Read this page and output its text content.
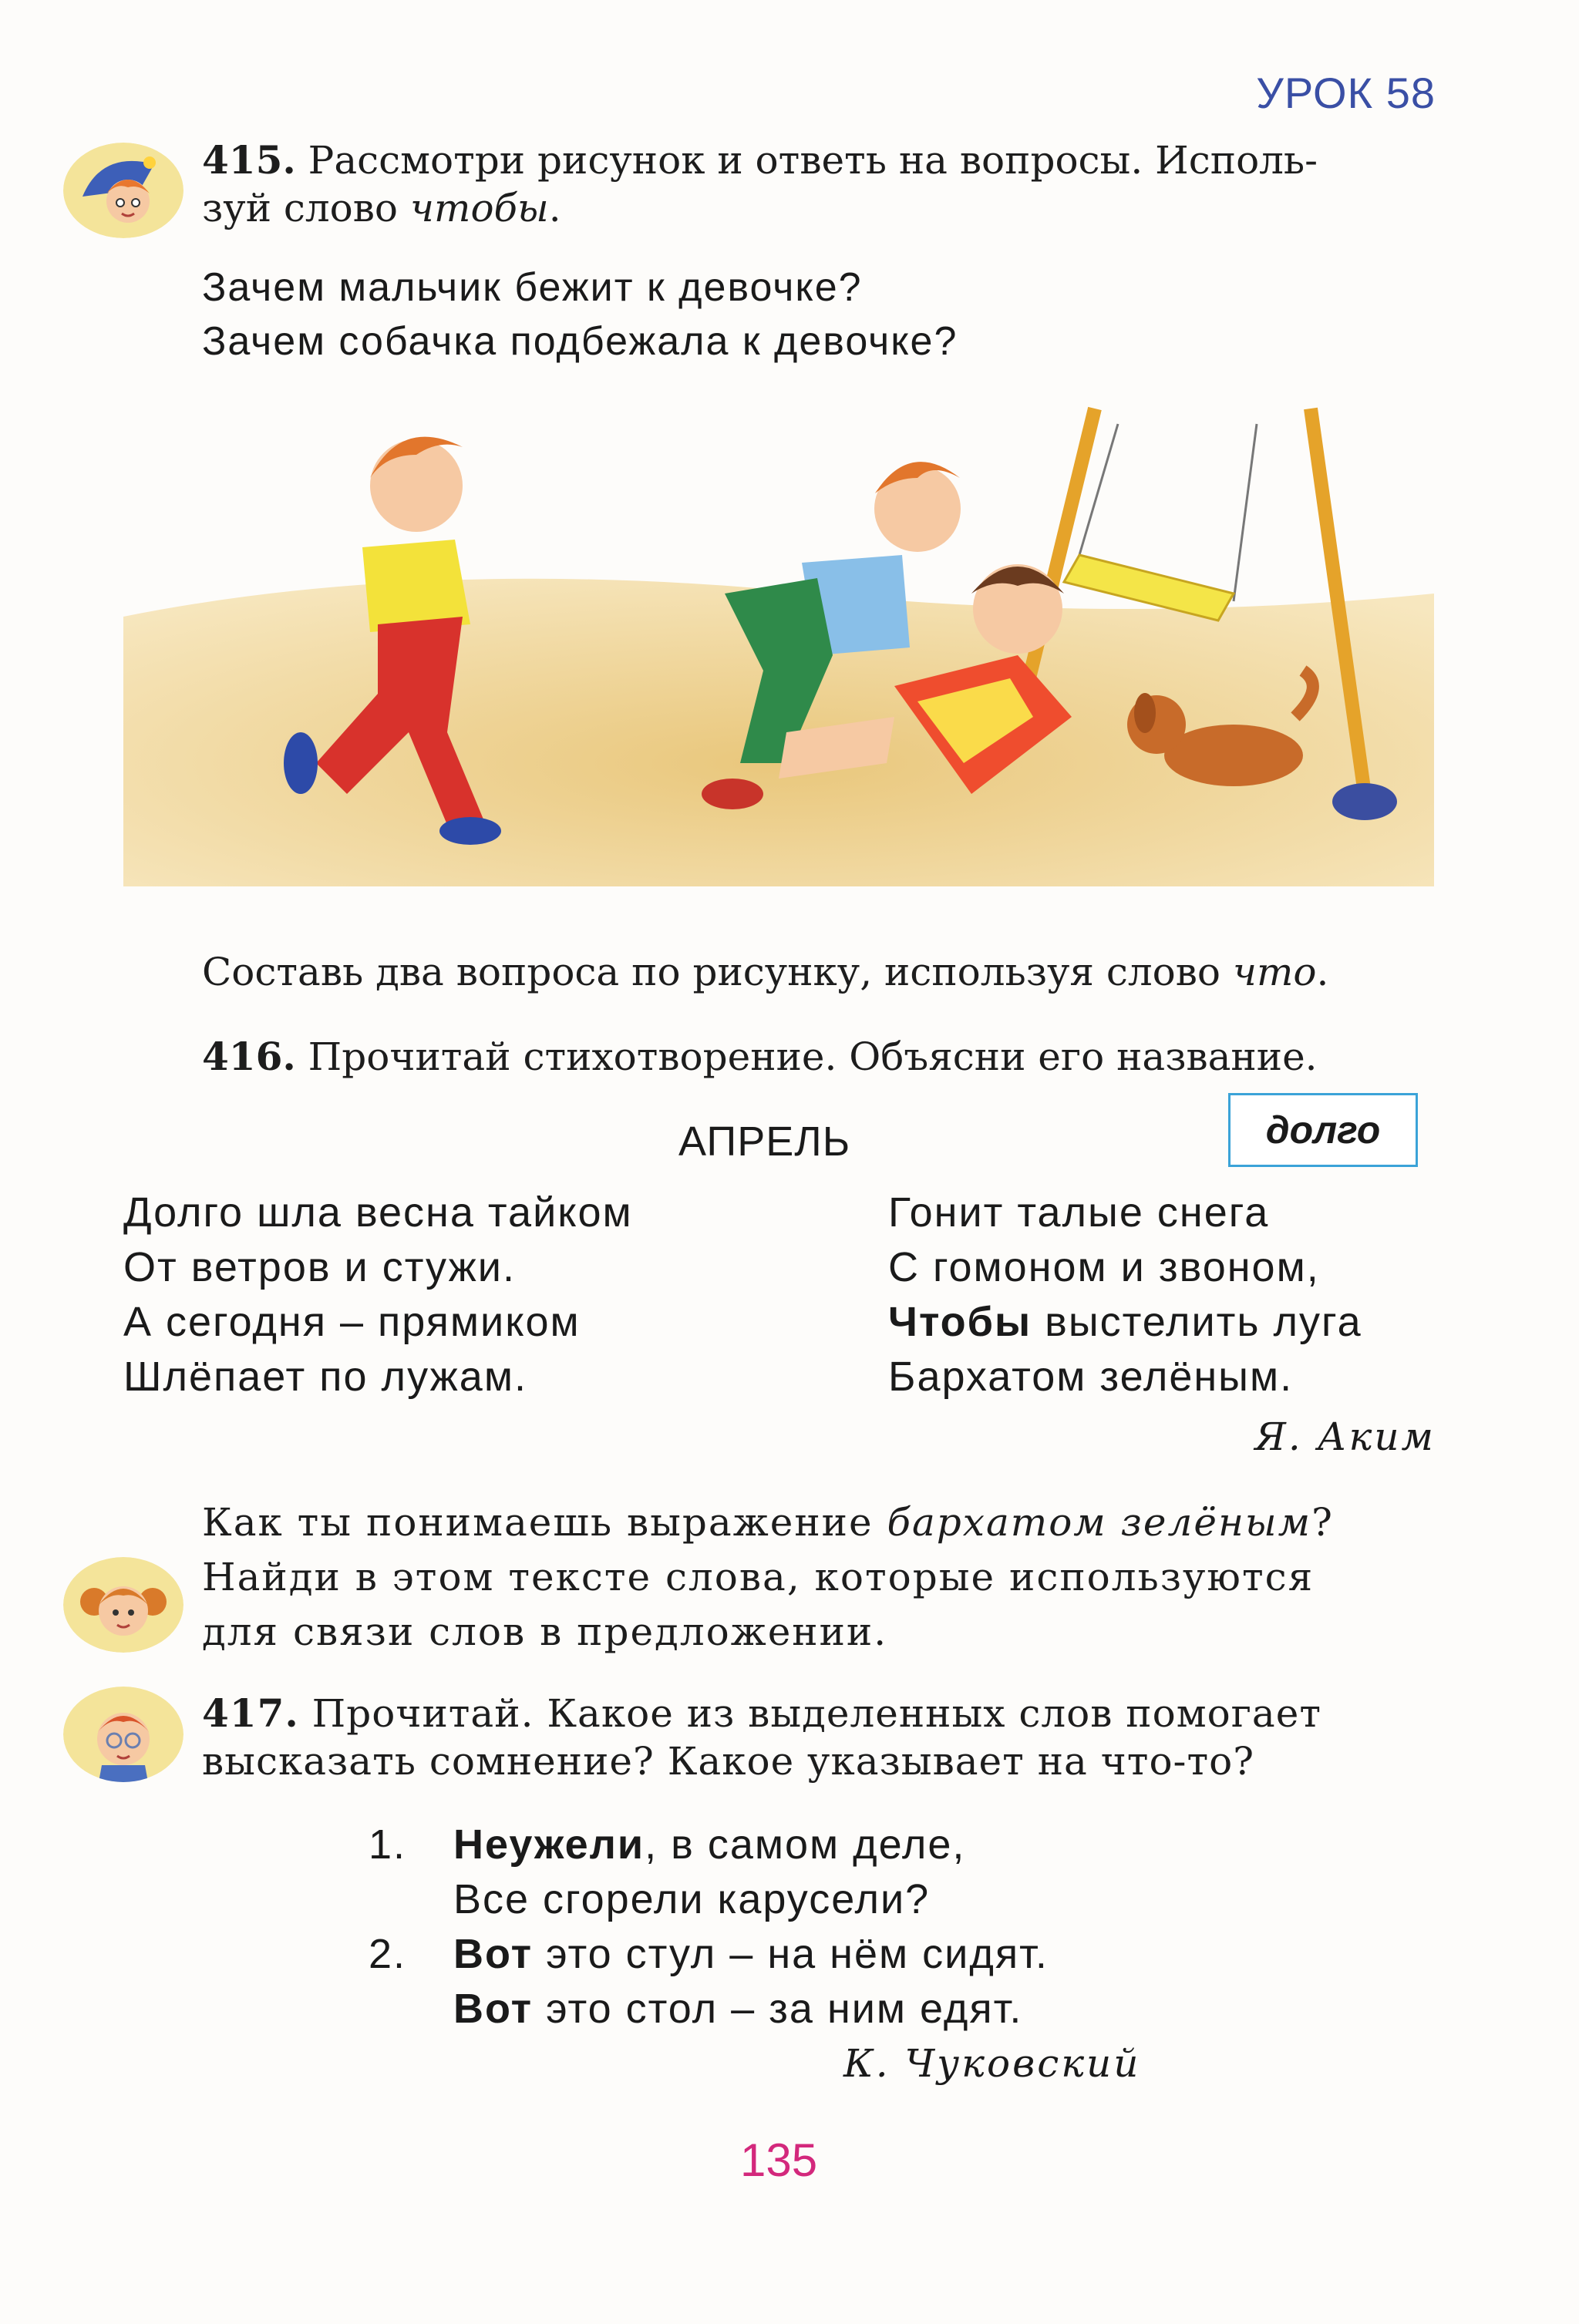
УРОК 58
415. Рассмотри рисунок и ответь на вопросы. Исполь-
зуй слово чтобы.
Зачем мальчик бежит к девочке?
Зачем собачка подбежала к девочке?
Составь два вопроса по рисунку, используя слово что.
416. Прочитай стихотворение. Объясни его название.
АПРЕЛЬ	долго
Долго шла весна тайком
От ветров и стужи.
А сегодня – прямиком
Шлёпает по лужам.
Гонит талые снега
С гомоном и звоном,
Чтобы выстелить луга
Бархатом зелёным.
Я. Аким
Как ты понимаешь выражение бархатом зелёным?
Найди в этом тексте слова, которые используются
для связи слов в предложении.
417. Прочитай. Какое из выделенных слов помогает
высказать сомнение? Какое указывает на что-то?
1. Неужели, в самом деле,
Все сгорели карусели?
2. Вот это стул – на нём сидят.
Вот это стол – за ним едят.
К. Чуковский
135
